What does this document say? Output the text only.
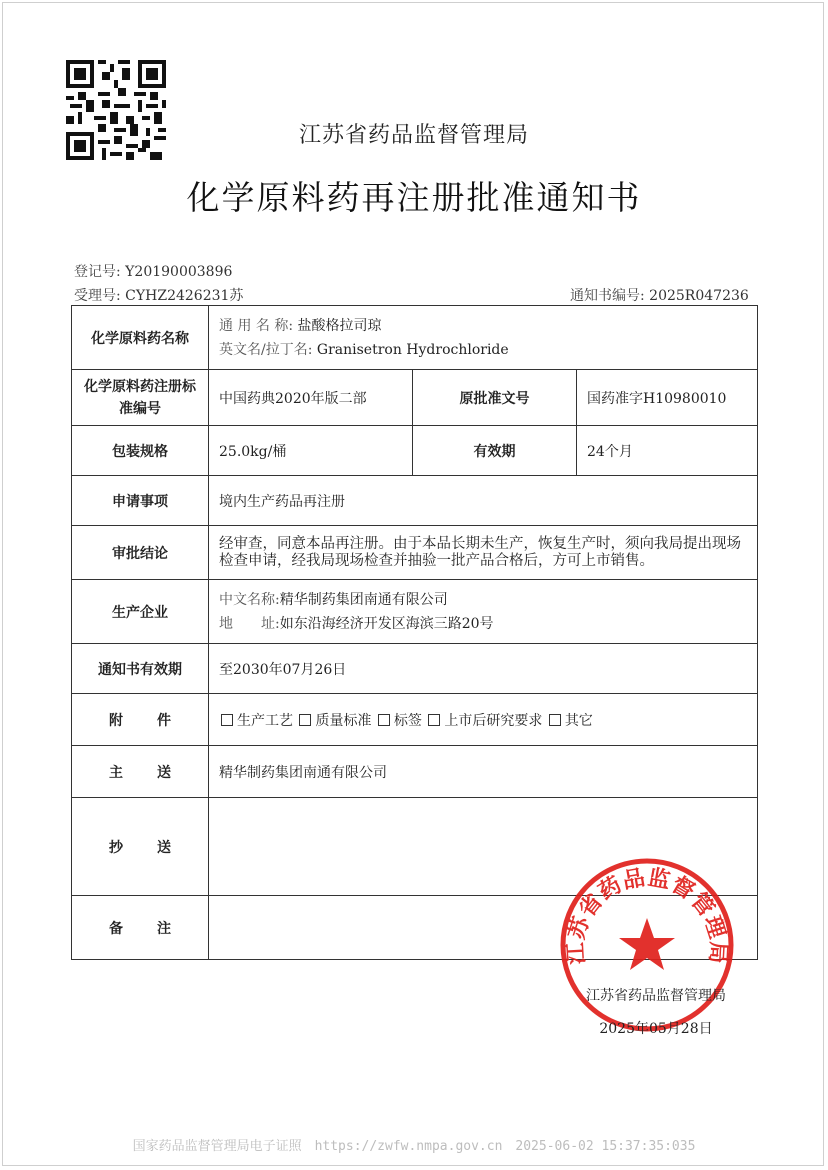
江苏省药品监督管理局
化学原料药再注册批准通知书
登记号: Y20190003896
受理号: CYHZ2426231苏	通知书编号: 2025R047236
化学原料药名称	通 用 名 称: 盐酸格拉司琼
英文名/拉丁名: Granisetron Hydrochloride		

化学原料药注册标准编号	中国药典2020年版二部	原批准文号	国药准字H10980010
包装规格	25.0kg/桶	有效期	24个月
申请事项	境内生产药品再注册		
审批结论	经审查，同意本品再注册。由于本品长期未生产，恢复生产时，须向我局提出现场检查申请，经我局现场检查并抽验一批产品合格后，方可上市销售。		
生产企业	中文名称:精华制药集团南通有限公司
地　　址:如东沿海经济开发区海滨三路20号		

通知书有效期	至2030年07月26日		
附　件	生产工艺 质量标准 标签 上市后研究要求 其它		
主　送	精华制药集团南通有限公司		
抄　送			
备　注			
江苏省药品监督管理局
江苏省药品监督管理局
2025年05月28日
国家药品监督管理局电子证照　https://zwfw.nmpa.gov.cn　2025-06-02 15:37:35:035
